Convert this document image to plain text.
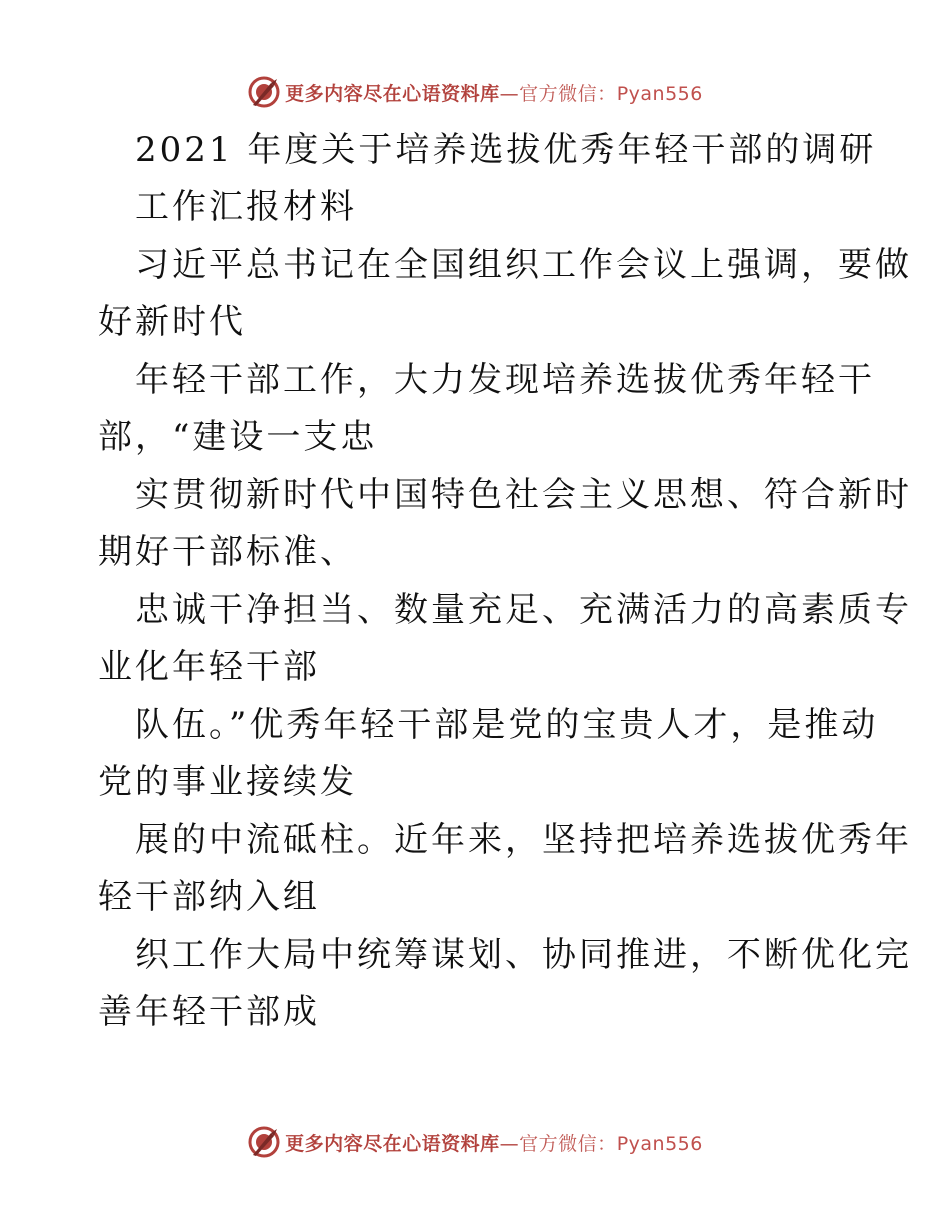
更多内容尽在心语资料库—官方微信：Pyan556
2021 年度关于培养选拔优秀年轻干部的调研
工作汇报材料
习近平总书记在全国组织工作会议上强调，要做
好新时代
年轻干部工作，大力发现培养选拔优秀年轻干
部，“建设一支忠
实贯彻新时代中国特色社会主义思想、符合新时
期好干部标准、
忠诚干净担当、数量充足、充满活力的高素质专
业化年轻干部
队伍。”优秀年轻干部是党的宝贵人才，是推动
党的事业接续发
展的中流砥柱。近年来，坚持把培养选拔优秀年
轻干部纳入组
织工作大局中统筹谋划、协同推进，不断优化完
善年轻干部成
更多内容尽在心语资料库—官方微信：Pyan556
